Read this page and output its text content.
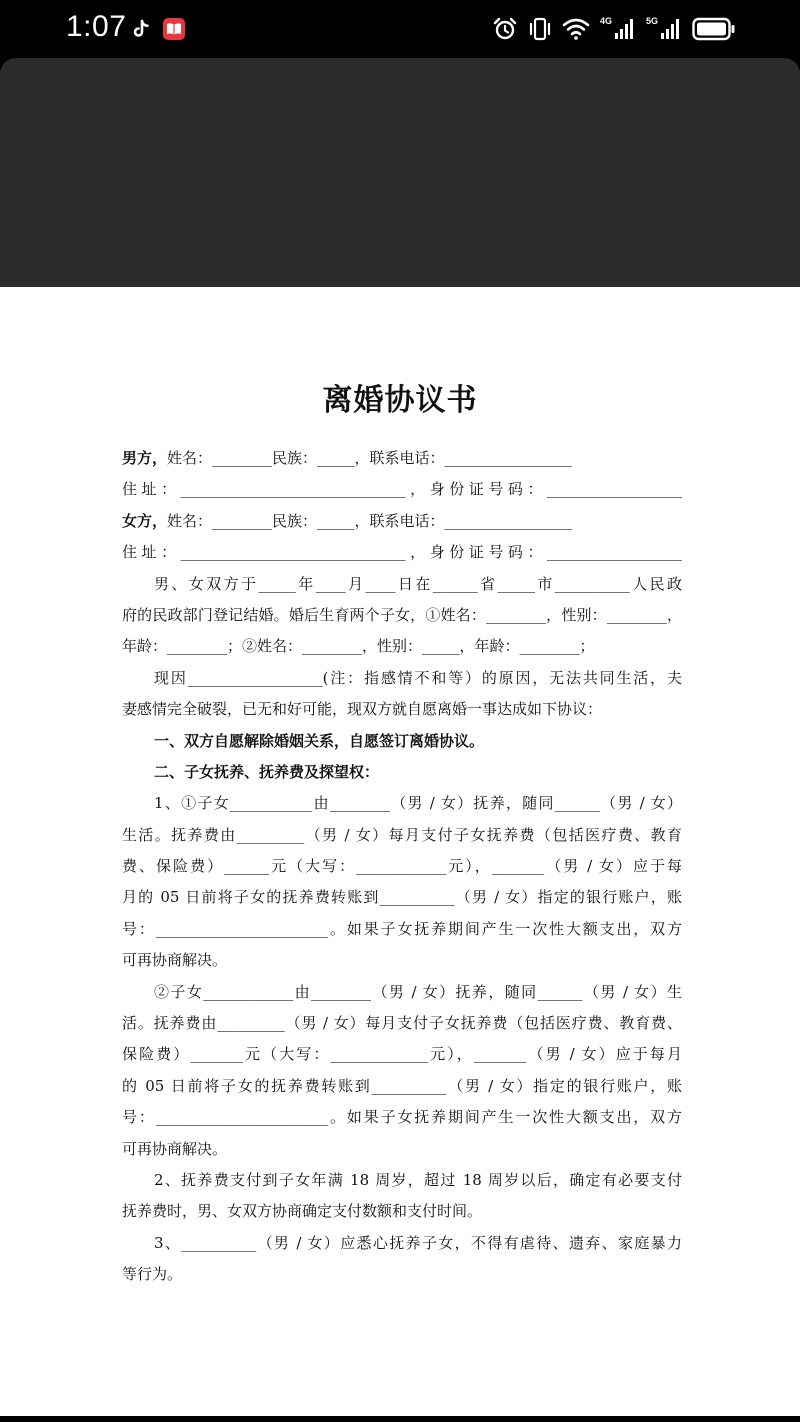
1:07	4G	5G
离婚协议书
男方，姓名：________民族：_____，联系电话：_________________
住址：______________________________，身份证号码：__________________
女方，姓名：________民族：_____，联系电话：_________________
住址：______________________________，身份证号码：__________________
男、女双方于_____年____月____日在______省_____市__________人民政
府的民政部门登记结婚。婚后生育两个子女，①姓名：________，性别：________，
年龄：________；②姓名：________，性别：_____，年龄：________；
现因__________________(注：指感情不和等）的原因，无法共同生活，夫
妻感情完全破裂，已无和好可能，现双方就自愿离婚一事达成如下协议：
一、双方自愿解除婚姻关系，自愿签订离婚协议。
二、子女抚养、抚养费及探望权：
1、①子女___________由________（男 / 女）抚养，随同______（男 / 女）
生活。抚养费由_________（男 / 女）每月支付子女抚养费（包括医疗费、教育
费、保险费）______元（大写：____________元），_______（男 / 女）应于每
月的 05 日前将子女的抚养费转账到__________（男 / 女）指定的银行账户，账
号：_______________________。如果子女抚养期间产生一次性大额支出，双方
可再协商解决。
②子女____________由________（男 / 女）抚养，随同______（男 / 女）生
活。抚养费由_________（男 / 女）每月支付子女抚养费（包括医疗费、教育费、
保险费）_______元（大写：_____________元），_______（男 / 女）应于每月
的 05 日前将子女的抚养费转账到__________（男 / 女）指定的银行账户，账
号：_______________________。如果子女抚养期间产生一次性大额支出，双方
可再协商解决。
2、抚养费支付到子女年满 18 周岁，超过 18 周岁以后，确定有必要支付
抚养费时，男、女双方协商确定支付数额和支付时间。
3、__________（男 / 女）应悉心抚养子女，不得有虐待、遗弃、家庭暴力
等行为。
